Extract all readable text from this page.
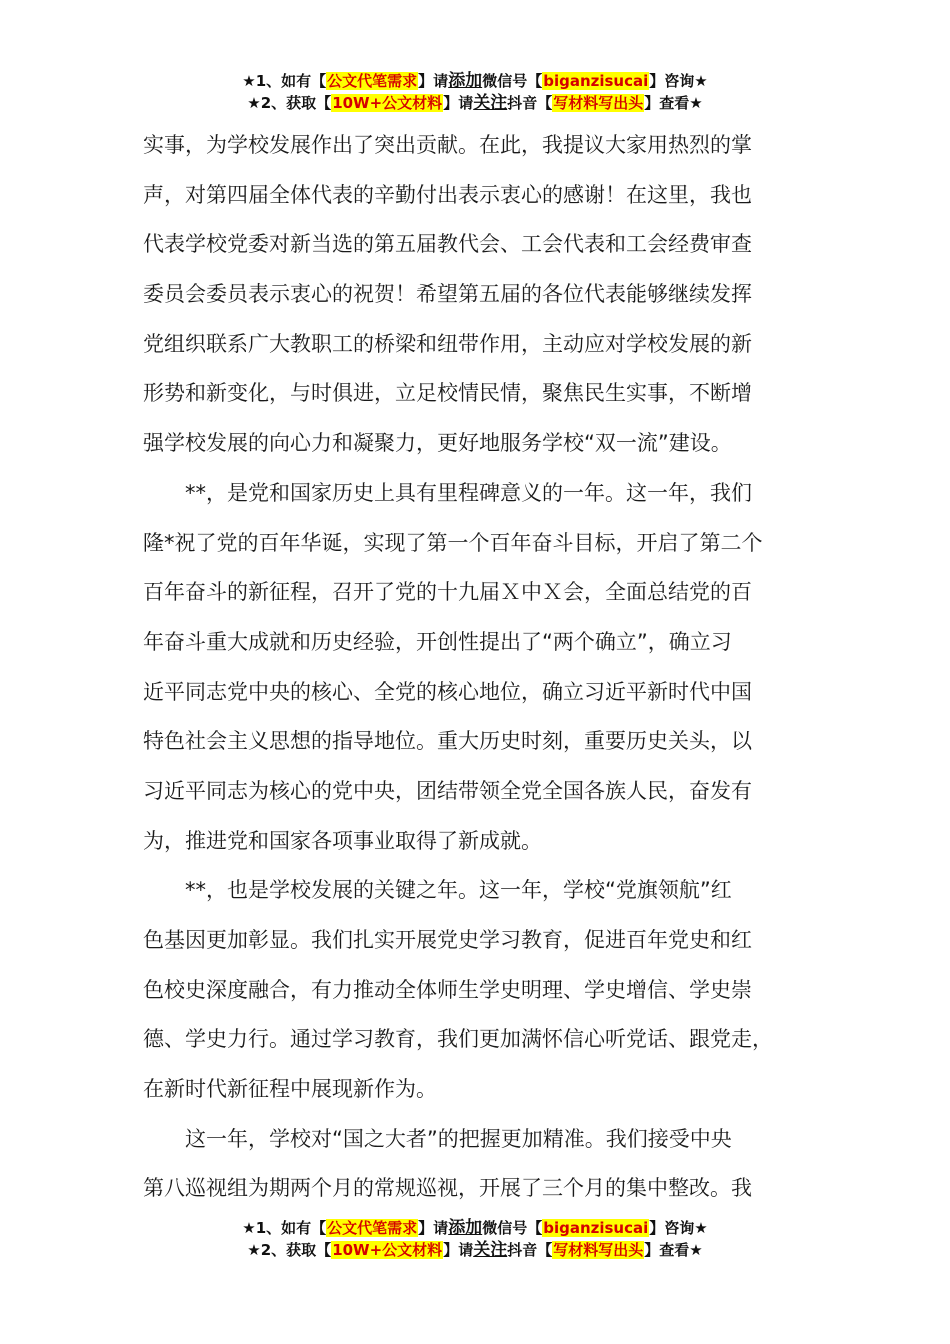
★1、如有【公文代笔需求】请添加微信号【biganzisucai】咨询★
★2、获取【10W+公文材料】请关注抖音【写材料写出头】查看★
实事，为学校发展作出了突出贡献。在此，我提议大家用热烈的掌
声，对第四届全体代表的辛勤付出表示衷心的感谢！在这里，我也
代表学校党委对新当选的第五届教代会、工会代表和工会经费审查
委员会委员表示衷心的祝贺！希望第五届的各位代表能够继续发挥
党组织联系广大教职工的桥梁和纽带作用，主动应对学校发展的新
形势和新变化，与时俱进，立足校情民情，聚焦民生实事，不断增
强学校发展的向心力和凝聚力，更好地服务学校“双一流”建设。
　　**，是党和国家历史上具有里程碑意义的一年。这一年，我们
隆*祝了党的百年华诞，实现了第一个百年奋斗目标，开启了第二个
百年奋斗的新征程，召开了党的十九届Ｘ中Ｘ会，全面总结党的百
年奋斗重大成就和历史经验，开创性提出了“两个确立”，确立习
近平同志党中央的核心、全党的核心地位，确立习近平新时代中国
特色社会主义思想的指导地位。重大历史时刻，重要历史关头，以
习近平同志为核心的党中央，团结带领全党全国各族人民，奋发有
为，推进党和国家各项事业取得了新成就。
　　**，也是学校发展的关键之年。这一年，学校“党旗领航”红
色基因更加彰显。我们扎实开展党史学习教育，促进百年党史和红
色校史深度融合，有力推动全体师生学史明理、学史增信、学史崇
德、学史力行。通过学习教育，我们更加满怀信心听党话、跟党走，
在新时代新征程中展现新作为。
　　这一年，学校对“国之大者”的把握更加精准。我们接受中央
第八巡视组为期两个月的常规巡视，开展了三个月的集中整改。我
★1、如有【公文代笔需求】请添加微信号【biganzisucai】咨询★
★2、获取【10W+公文材料】请关注抖音【写材料写出头】查看★
